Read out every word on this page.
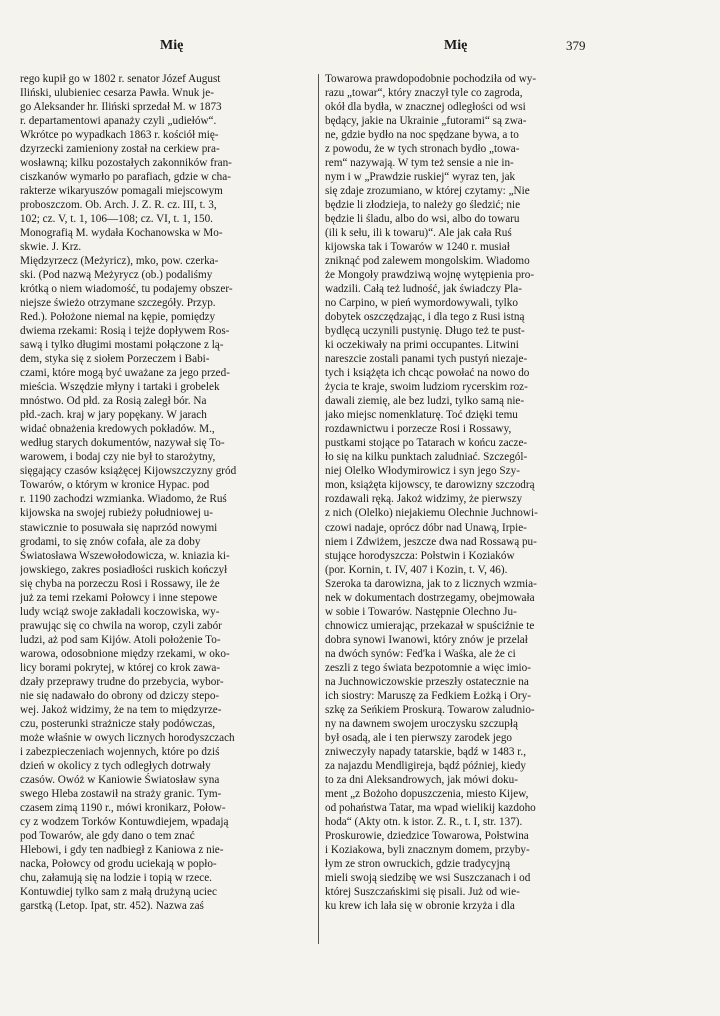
Mię	Mię	379
rego kupił go w 1802 r. senator Józef August
Iliński, ulubieniec cesarza Pawła. Wnuk je-
go Aleksander hr. Iliński sprzedał M. w 1873
r. departamentowi apanaży czyli „udiełów“.
Wkrótce po wypadkach 1863 r. kościół mię-
dzyrzecki zamieniony został na cerkiew pra-
wosławną; kilku pozostałych zakonników fran-
ciszkanów wymarło po parafiach, gdzie w cha-
rakterze wikaryuszów pomagali miejscowym
proboszczom. Ob. Arch. J. Z. R. cz. III, t. 3,
102; cz. V, t. 1, 106—108; cz. VI, t. 1, 150.
Monografią M. wydała Kochanowska w Mo-
skwie. J. Krz.
Międzyrzecz (Meżyricz), mko, pow. czerka-
ski. (Pod nazwą Meżyrycz (ob.) podaliśmy
krótką o niem wiadomość, tu podajemy obszer-
niejsze świeżo otrzymane szczegóły. Przyp.
Red.). Położone niemal na kępie, pomiędzy
dwiema rzekami: Rosią i tejże dopływem Ros-
sawą i tylko długimi mostami połączone z lą-
dem, styka się z siołem Porzeczem i Babi-
czami, które mogą być uważane za jego przed-
mieścia. Wszędzie młyny i tartaki i grobelek
mnóstwo. Od płd. za Rosią zaległ bór. Na
płd.-zach. kraj w jary popękany. W jarach
widać obnażenia kredowych pokładów. M.,
według starych dokumentów, nazywał się To-
warowem, i bodaj czy nie był to starożytny,
sięgający czasów książęcej Kijowszczyzny gród
Towarów, o którym w kronice Hypac. pod
r. 1190 zachodzi wzmianka. Wiadomo, że Ruś
kijowska na swojej rubieży południowej u-
stawicznie to posuwała się naprzód nowymi
grodami, to się znów cofała, ale za doby
Światosława Wszewołodowicza, w. kniazia ki-
jowskiego, zakres posiadłości ruskich kończył
się chyba na porzeczu Rosi i Rossawy, ile że
już za temi rzekami Połowcy i inne stepowe
ludy wciąż swoje zakładali koczowiska, wy-
prawując się co chwila na worop, czyli zabór
ludzi, aż pod sam Kijów. Atoli położenie To-
warowa, odosobnione między rzekami, w oko-
licy borami pokrytej, w której co krok zawa-
dzały przeprawy trudne do przebycia, wybor-
nie się nadawało do obrony od dziczy stepo-
wej. Jakoż widzimy, że na tem to międzyrze-
czu, posterunki strażnicze stały podówczas,
może właśnie w owych licznych horodyszczach
i zabezpieczeniach wojennych, które po dziś
dzień w okolicy z tych odległych dotrwały
czasów. Owóż w Kaniowie Światosław syna
swego Hleba zostawił na straży granic. Tym-
czasem zimą 1190 r., mówi kronikarz, Połow-
cy z wodzem Torków Kontuwdiejem, wpadają
pod Towarów, ale gdy dano o tem znać
Hlebowi, i gdy ten nadbiegł z Kaniowa z nie-
nacka, Połowcy od grodu uciekają w popło-
chu, załamują się na lodzie i topią w rzece.
Kontuwdiej tylko sam z małą drużyną uciec
garstką (Letop. Ipat, str. 452). Nazwa zaś
Towarowa prawdopodobnie pochodziła od wy-
razu „towar“, który znaczył tyle co zagroda,
okół dla bydła, w znacznej odległości od wsi
będący, jakie na Ukrainie „futorami“ są zwa-
ne, gdzie bydło na noc spędzane bywa, a to
z powodu, że w tych stronach bydło „towa-
rem“ nazywają. W tym też sensie a nie in-
nym i w „Prawdzie ruskiej“ wyraz ten, jak
się zdaje zrozumiano, w której czytamy: „Nie
będzie li złodzieja, to należy go śledzić; nie
będzie li śladu, albo do wsi, albo do towaru
(ili k sełu, ili k towaru)“. Ale jak cała Ruś
kijowska tak i Towarów w 1240 r. musiał
zniknąć pod zalewem mongolskim. Wiadomo
że Mongoły prawdziwą wojnę wytępienia pro-
wadzili. Całą też ludność, jak świadczy Pla-
no Carpino, w pień wymordowywali, tylko
dobytek oszczędzając, i dla tego z Rusi istną
bydlęcą uczynili pustynię. Długo też te pust-
ki oczekiwały na primi occupantes. Litwini
nareszcie zostali panami tych pustyń niezaje-
tych i książęta ich chcąc powołać na nowo do
życia te kraje, swoim ludziom rycerskim roz-
dawali ziemię, ale bez ludzi, tylko samą nie-
jako miejsc nomenklaturę. Toć dzięki temu
rozdawnictwu i porzecze Rosi i Rossawy,
pustkami stojące po Tatarach w końcu zacze-
ło się na kilku punktach zaludniać. Szczegól-
niej Olelko Włodymirowicz i syn jego Szy-
mon, książęta kijowscy, te darowizny szczodrą
rozdawali ręką. Jakoż widzimy, że pierwszy
z nich (Olelko) niejakiemu Olechnie Juchnowi-
czowi nadaje, oprócz dóbr nad Unawą, Irpie-
niem i Zdwiżem, jeszcze dwa nad Rossawą pu-
stujące horodyszcza: Połstwin i Koziaków
(por. Kornin, t. IV, 407 i Kozin, t. V, 46).
Szeroka ta darowizna, jak to z licznych wzmia-
nek w dokumentach dostrzegamy, obejmowała
w sobie i Towarów. Następnie Olechno Ju-
chnowicz umierając, przekazał w spuściźnie te
dobra synowi Iwanowi, który znów je przelał
na dwóch synów: Fed'ka i Waśka, ale że ci
zeszli z tego świata bezpotomnie a więc imio-
na Juchnowiczowskie przeszły ostatecznie na
ich siostry: Maruszę za Fedkiem Łożką i Ory-
szkę za Seńkiem Proskurą. Towarow zaludnio-
ny na dawnem swojem uroczysku szczupłą
był osadą, ale i ten pierwszy zarodek jego
zniweczyły napady tatarskie, bądź w 1483 r.,
za najazdu Mendligireja, bądź później, kiedy
to za dni Aleksandrowych, jak mówi doku-
ment „z Bożoho dopuszczenia, miesto Kijew,
od pohaństwa Tatar, ma wpad wielikij kazdoho
hoda“ (Akty otn. k istor. Z. R., t. I, str. 137).
Proskurowie, dziedzice Towarowa, Połstwina
i Koziakowa, byli znacznym domem, przyby-
łym ze stron owruckich, gdzie tradycyjną
mieli swoją siedzibę we wsi Suszczanach i od
której Suszczańskimi się pisali. Już od wie-
ku krew ich lała się w obronie krzyża i dla
